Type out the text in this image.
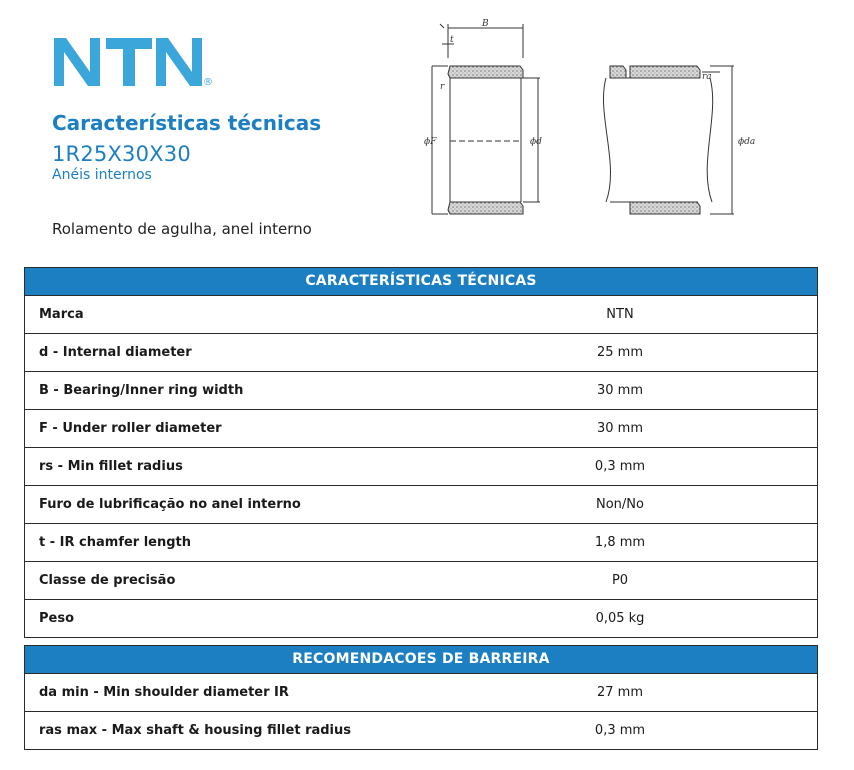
®
Características técnicas
1R25X30X30
Anéis internos
Rolamento de agulha, anel interno
B
t
r
ϕF	ϕd
ra
ϕda
CARACTERÍSTICAS TÉCNICAS
Marca	NTN
d - Internal diameter	25 mm
B - Bearing/Inner ring width	30 mm
F - Under roller diameter	30 mm
rs - Min fillet radius	0,3 mm
Furo de lubrificação no anel interno	Non/No
t - IR chamfer length	1,8 mm
Classe de precisão	P0
Peso	0,05 kg
RECOMENDACOES DE BARREIRA
da min - Min shoulder diameter IR	27 mm
ras max - Max shaft & housing fillet radius	0,3 mm
